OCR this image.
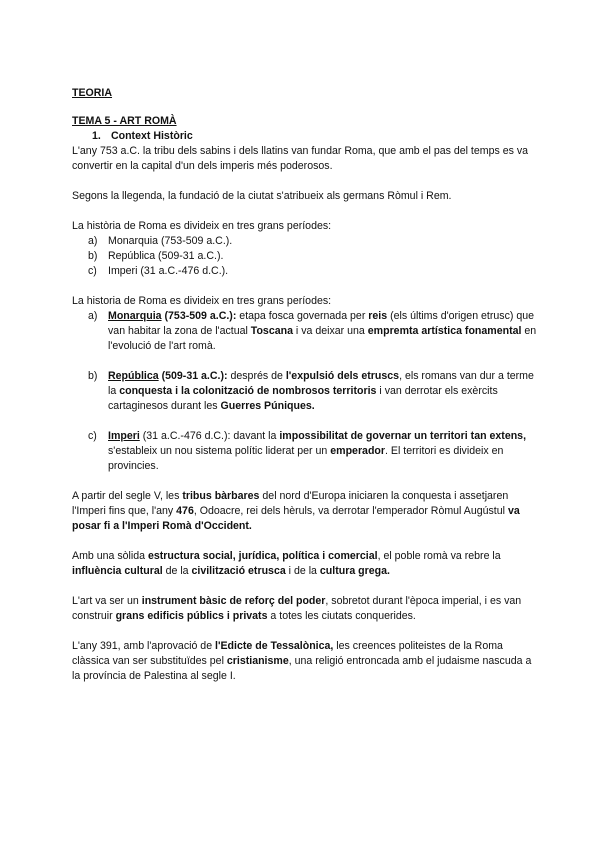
TEORIA
TEMA 5 - ART ROMÀ
1. Context Històric

L'any 753 a.C. la tribu dels sabins i dels llatins van fundar Roma, que amb el pas del temps es va convertir en la capital d'un dels imperis més poderosos.

Segons la llegenda, la fundació de la ciutat s'atribueix als germans Ròmul i Rem.

La història de Roma es divideix en tres grans períodes:
a) Monarquia (753-509 a.C.).
b) República (509-31 a.C.).
c) Imperi (31 a.C.-476 d.C.).
La historia de Roma es divideix en tres grans períodes:
a) Monarquia (753-509 a.C.): etapa fosca governada per reis (els últims d'origen etrusc) que van habitar la zona de l'actual Toscana i va deixar una empremta artística fonamental en l'evolució de l'art romà.
b) República (509-31 a.C.): després de l'expulsió dels etruscs, els romans van dur a terme la conquesta i la colonització de nombrosos territoris i van derrotar els exèrcits cartaginesos durant les Guerres Púniques.
c) Imperi (31 a.C.-476 d.C.): davant la impossibilitat de governar un territori tan extens, s'estableix un nou sistema polític liderat per un emperador. El territori es divideix en provincies.

A partir del segle V, les tribus bàrbares del nord d'Europa iniciaren la conquesta i assetjaren l'Imperi fins que, l'any 476, Odoacre, rei dels hèruls, va derrotar l'emperador Ròmul Augústul va posar fi a l'Imperi Romà d'Occident.

Amb una sòlida estructura social, jurídica, política i comercial, el poble romà va rebre la influència cultural de la civilització etrusca i de la cultura grega.

L'art va ser un instrument bàsic de reforç del poder, sobretot durant l'època imperial, i es van construir grans edificis públics i privats a totes les ciutats conquerides.

L'any 391, amb l'aprovació de l'Edicte de Tessalònica, les creences politeistes de la Roma clàssica van ser substituïdes pel cristianisme, una religió entroncada amb el judaisme nascuda a la província de Palestina al segle I.
